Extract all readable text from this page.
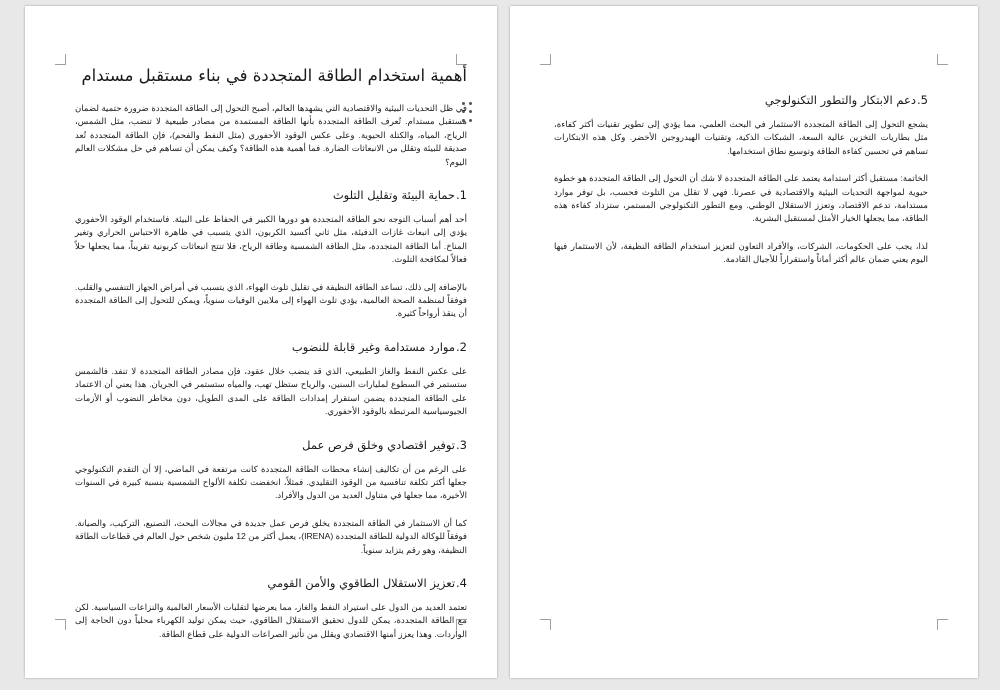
أهمية استخدام الطاقة المتجددة في بناء مستقبل مستدام

في ظل التحديات البيئية والاقتصادية التي يشهدها العالم، أصبح التحول إلى الطاقة المتجددة ضرورة حتمية لضمان مستقبل مستدام. تُعرف الطاقة المتجددة بأنها الطاقة المستمدة من مصادر طبيعية لا تنضب، مثل الشمس، الرياح، المياه، والكتلة الحيوية. وعلى عكس الوقود الأحفوري (مثل النفط والفحم)، فإن الطاقة المتجددة تُعد صديقة للبيئة وتقلل من الانبعاثات الضارة. فما أهمية هذه الطاقة؟ وكيف يمكن أن تساهم في حل مشكلات العالم اليوم؟

1.
حماية البيئة وتقليل التلوث

أحد أهم أسباب التوجه نحو الطاقة المتجددة هو دورها الكبير في الحفاظ على البيئة. فاستخدام الوقود الأحفوري يؤدي إلى انبعاث غازات الدفيئة، مثل ثاني أكسيد الكربون، الذي يتسبب في ظاهرة الاحتباس الحراري وتغير المناخ. أما الطاقة المتجددة، مثل الطاقة الشمسية وطاقة الرياح، فلا تنتج انبعاثات كربونية تقريباً، مما يجعلها حلاً فعالاً لمكافحة التلوث.

بالإضافة إلى ذلك، تساعد الطاقة النظيفة في تقليل تلوث الهواء، الذي يتسبب في أمراض الجهاز التنفسي والقلب. فوفقاً لمنظمة الصحة العالمية، يؤدي تلوث الهواء إلى ملايين الوفيات سنوياً، ويمكن للتحول إلى الطاقة المتجددة أن ينقذ أرواحاً كثيرة.

2.
موارد مستدامة وغير قابلة للنضوب

على عكس النفط والغاز الطبيعي، الذي قد ينضب خلال عقود، فإن مصادر الطاقة المتجددة لا تنفد. فالشمس ستستمر في السطوع لمليارات السنين، والرياح ستظل تهب، والمياه ستستمر في الجريان. هذا يعني أن الاعتماد على الطاقة المتجددة يضمن استقرار إمدادات الطاقة على المدى الطويل، دون مخاطر النضوب أو الأزمات الجيوسياسية المرتبطة بالوقود الأحفوري.

3.
توفير اقتصادي وخلق فرص عمل

على الرغم من أن تكاليف إنشاء محطات الطاقة المتجددة كانت مرتفعة في الماضي، إلا أن التقدم التكنولوجي جعلها أكثر تكلفة تنافسية من الوقود التقليدي. فمثلاً، انخفضت تكلفة الألواح الشمسية بنسبة كبيرة في السنوات الأخيرة، مما جعلها في متناول العديد من الدول والأفراد.

كما أن الاستثمار في الطاقة المتجددة يخلق فرص عمل جديدة في مجالات البحث، التصنيع، التركيب، والصيانة. فوفقاً للوكالة الدولية للطاقة المتجددة (IRENA)، يعمل أكثر من 12 مليون شخص حول العالم في قطاعات الطاقة النظيفة، وهو رقم يتزايد سنوياً.

4.
تعزيز الاستقلال الطاقوي والأمن القومي

تعتمد العديد من الدول على استيراد النفط والغاز، مما يعرضها لتقلبات الأسعار العالمية والنزاعات السياسية. لكن مع الطاقة المتجددة، يمكن للدول تحقيق الاستقلال الطاقوي، حيث يمكن توليد الكهرباء محلياً دون الحاجة إلى الواردات. وهذا يعزز أمنها الاقتصادي ويقلل من تأثير الصراعات الدولية على قطاع الطاقة.

5.
دعم الابتكار والتطور التكنولوجي

يشجع التحول إلى الطاقة المتجددة الاستثمار في البحث العلمي، مما يؤدي إلى تطوير تقنيات أكثر كفاءة، مثل بطاريات التخزين عالية السعة، الشبكات الذكية، وتقنيات الهيدروجين الأخضر. وكل هذه الابتكارات تساهم في تحسين كفاءة الطاقة وتوسيع نطاق استخدامها.

الخاتمة: مستقبل أكثر استدامة يعتمد على الطاقة المتجددة لا شك أن التحول إلى الطاقة المتجددة هو خطوة حيوية لمواجهة التحديات البيئية والاقتصادية في عصرنا. فهي لا تقلل من التلوث فحسب، بل توفر موارد مستدامة، تدعم الاقتصاد، وتعزز الاستقلال الوطني. ومع التطور التكنولوجي المستمر، ستزداد كفاءة هذه الطاقة، مما يجعلها الخيار الأمثل لمستقبل البشرية.

لذا، يجب على الحكومات، الشركات، والأفراد التعاون لتعزيز استخدام الطاقة النظيفة، لأن الاستثمار فيها اليوم يعني ضمان عالم أكثر أماناً واستقراراً للأجيال القادمة.
